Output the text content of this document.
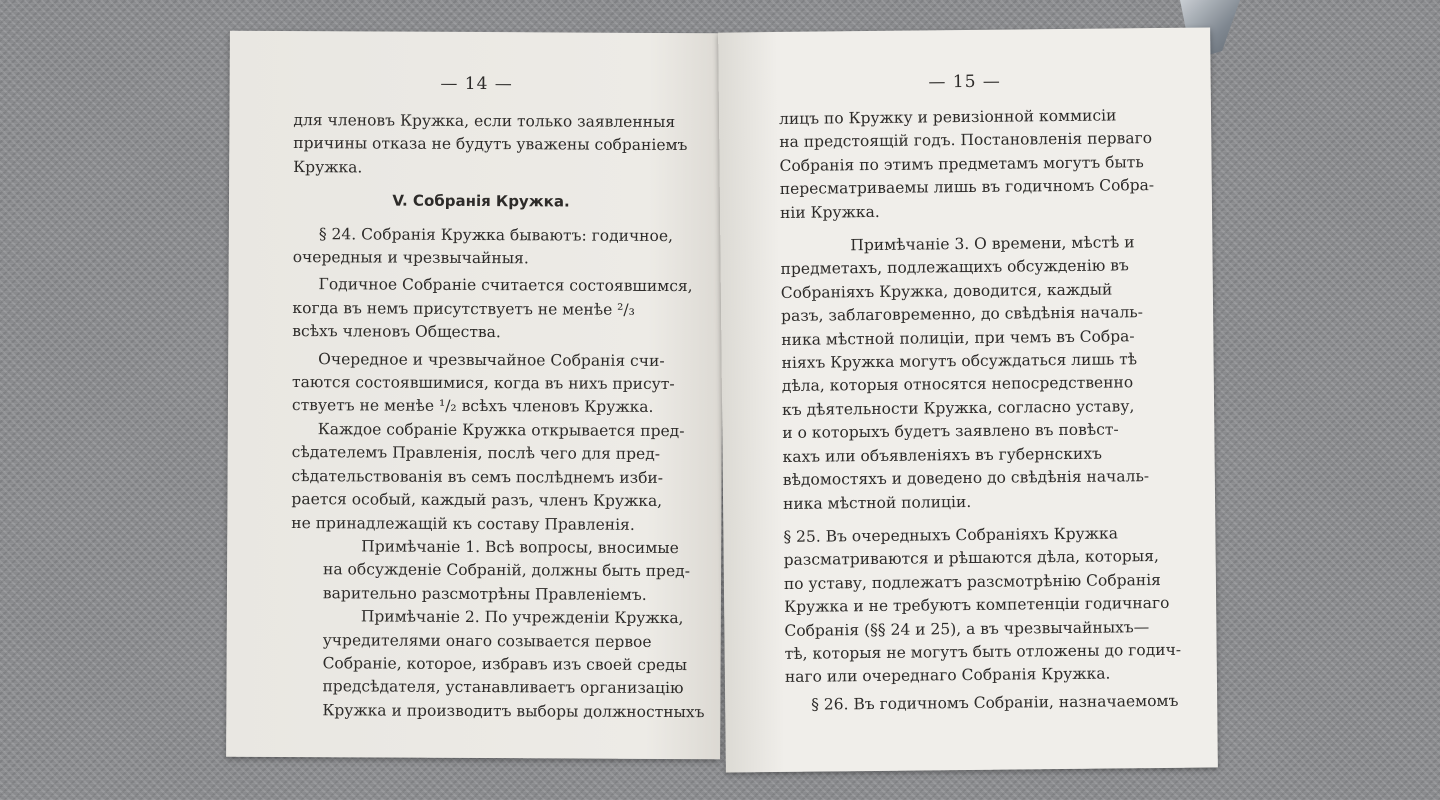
— 14 —
для членовъ Кружка, если только заявленныя
причины отказа не будутъ уважены собраніемъ
Кружка.
V. Собранія Кружка.
§ 24. Собранія Кружка бываютъ: годичное,
очередныя и чрезвычайныя.
Годичное Собраніе считается состоявшимся,
когда въ немъ присутствуетъ не менѣе ²/₃
всѣхъ членовъ Общества.
Очередное и чрезвычайное Собранія счи-
таются состоявшимися, когда въ нихъ присут-
ствуетъ не менѣе ¹/₂ всѣхъ членовъ Кружка.
Каждое собраніе Кружка открывается пред-
сѣдателемъ Правленія, послѣ чего для пред-
сѣдательствованія въ семъ послѣднемъ изби-
рается особый, каждый разъ, членъ Кружка,
не принадлежащій къ составу Правленія.
Примѣчаніе 1. Всѣ вопросы, вносимые
на обсужденіе Собраній, должны быть пред-
варительно разсмотрѣны Правленіемъ.
Примѣчаніе 2. По учрежденіи Кружка,
учредителями онаго созывается первое
Собраніе, которое, избравъ изъ своей среды
предсѣдателя, устанавливаетъ организацію
Кружка и производитъ выборы должностныхъ
— 15 —
лицъ по Кружку и ревизіонной коммисіи
на предстоящій годъ. Постановленія перваго
Собранія по этимъ предметамъ могутъ быть
пересматриваемы лишь въ годичномъ Собра-
ніи Кружка.
Примѣчаніе 3. О времени, мѣстѣ и
предметахъ, подлежащихъ обсужденію въ
Собраніяхъ Кружка, доводится, каждый
разъ, заблаговременно, до свѣдѣнія началь-
ника мѣстной полиціи, при чемъ въ Собра-
ніяхъ Кружка могутъ обсуждаться лишь тѣ
дѣла, которыя относятся непосредственно
къ дѣятельности Кружка, согласно уставу,
и о которыхъ будетъ заявлено въ повѣст-
кахъ или объявленіяхъ въ губернскихъ
вѣдомостяхъ и доведено до свѣдѣнія началь-
ника мѣстной полиціи.
§ 25. Въ очередныхъ Собраніяхъ Кружка
разсматриваются и рѣшаются дѣла, которыя,
по уставу, подлежатъ разсмотрѣнію Собранія
Кружка и не требуютъ компетенціи годичнаго
Собранія (§§ 24 и 25), а въ чрезвычайныхъ—
тѣ, которыя не могутъ быть отложены до годич-
наго или очереднаго Собранія Кружка.
§ 26. Въ годичномъ Собраніи, назначаемомъ
